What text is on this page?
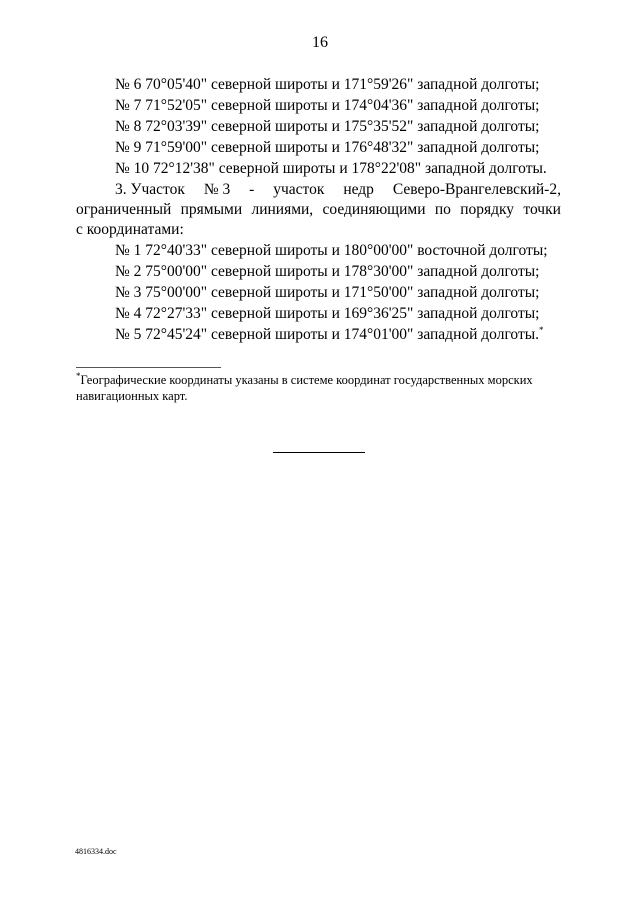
16
№ 6 70°05'40" северной широты и 171°59'26" западной долготы;
№ 7 71°52'05" северной широты и 174°04'36" западной долготы;
№ 8 72°03'39" северной широты и 175°35'52" западной долготы;
№ 9 71°59'00" северной широты и 176°48'32" западной долготы;
№ 10 72°12'38" северной широты и 178°22'08" западной долготы.
3. Участок № 3 - участок недр Северо-Врангелевский-2,
ограниченный прямыми линиями, соединяющими по порядку точки
с координатами:
№ 1 72°40'33" северной широты и 180°00'00" восточной долготы;
№ 2 75°00'00" северной широты и 178°30'00" западной долготы;
№ 3 75°00'00" северной широты и 171°50'00" западной долготы;
№ 4 72°27'33" северной широты и 169°36'25" западной долготы;
№ 5 72°45'24" северной широты и 174°01'00" западной долготы.*
*Географические координаты указаны в системе координат государственных морских
навигационных карт.
4816334.doc
